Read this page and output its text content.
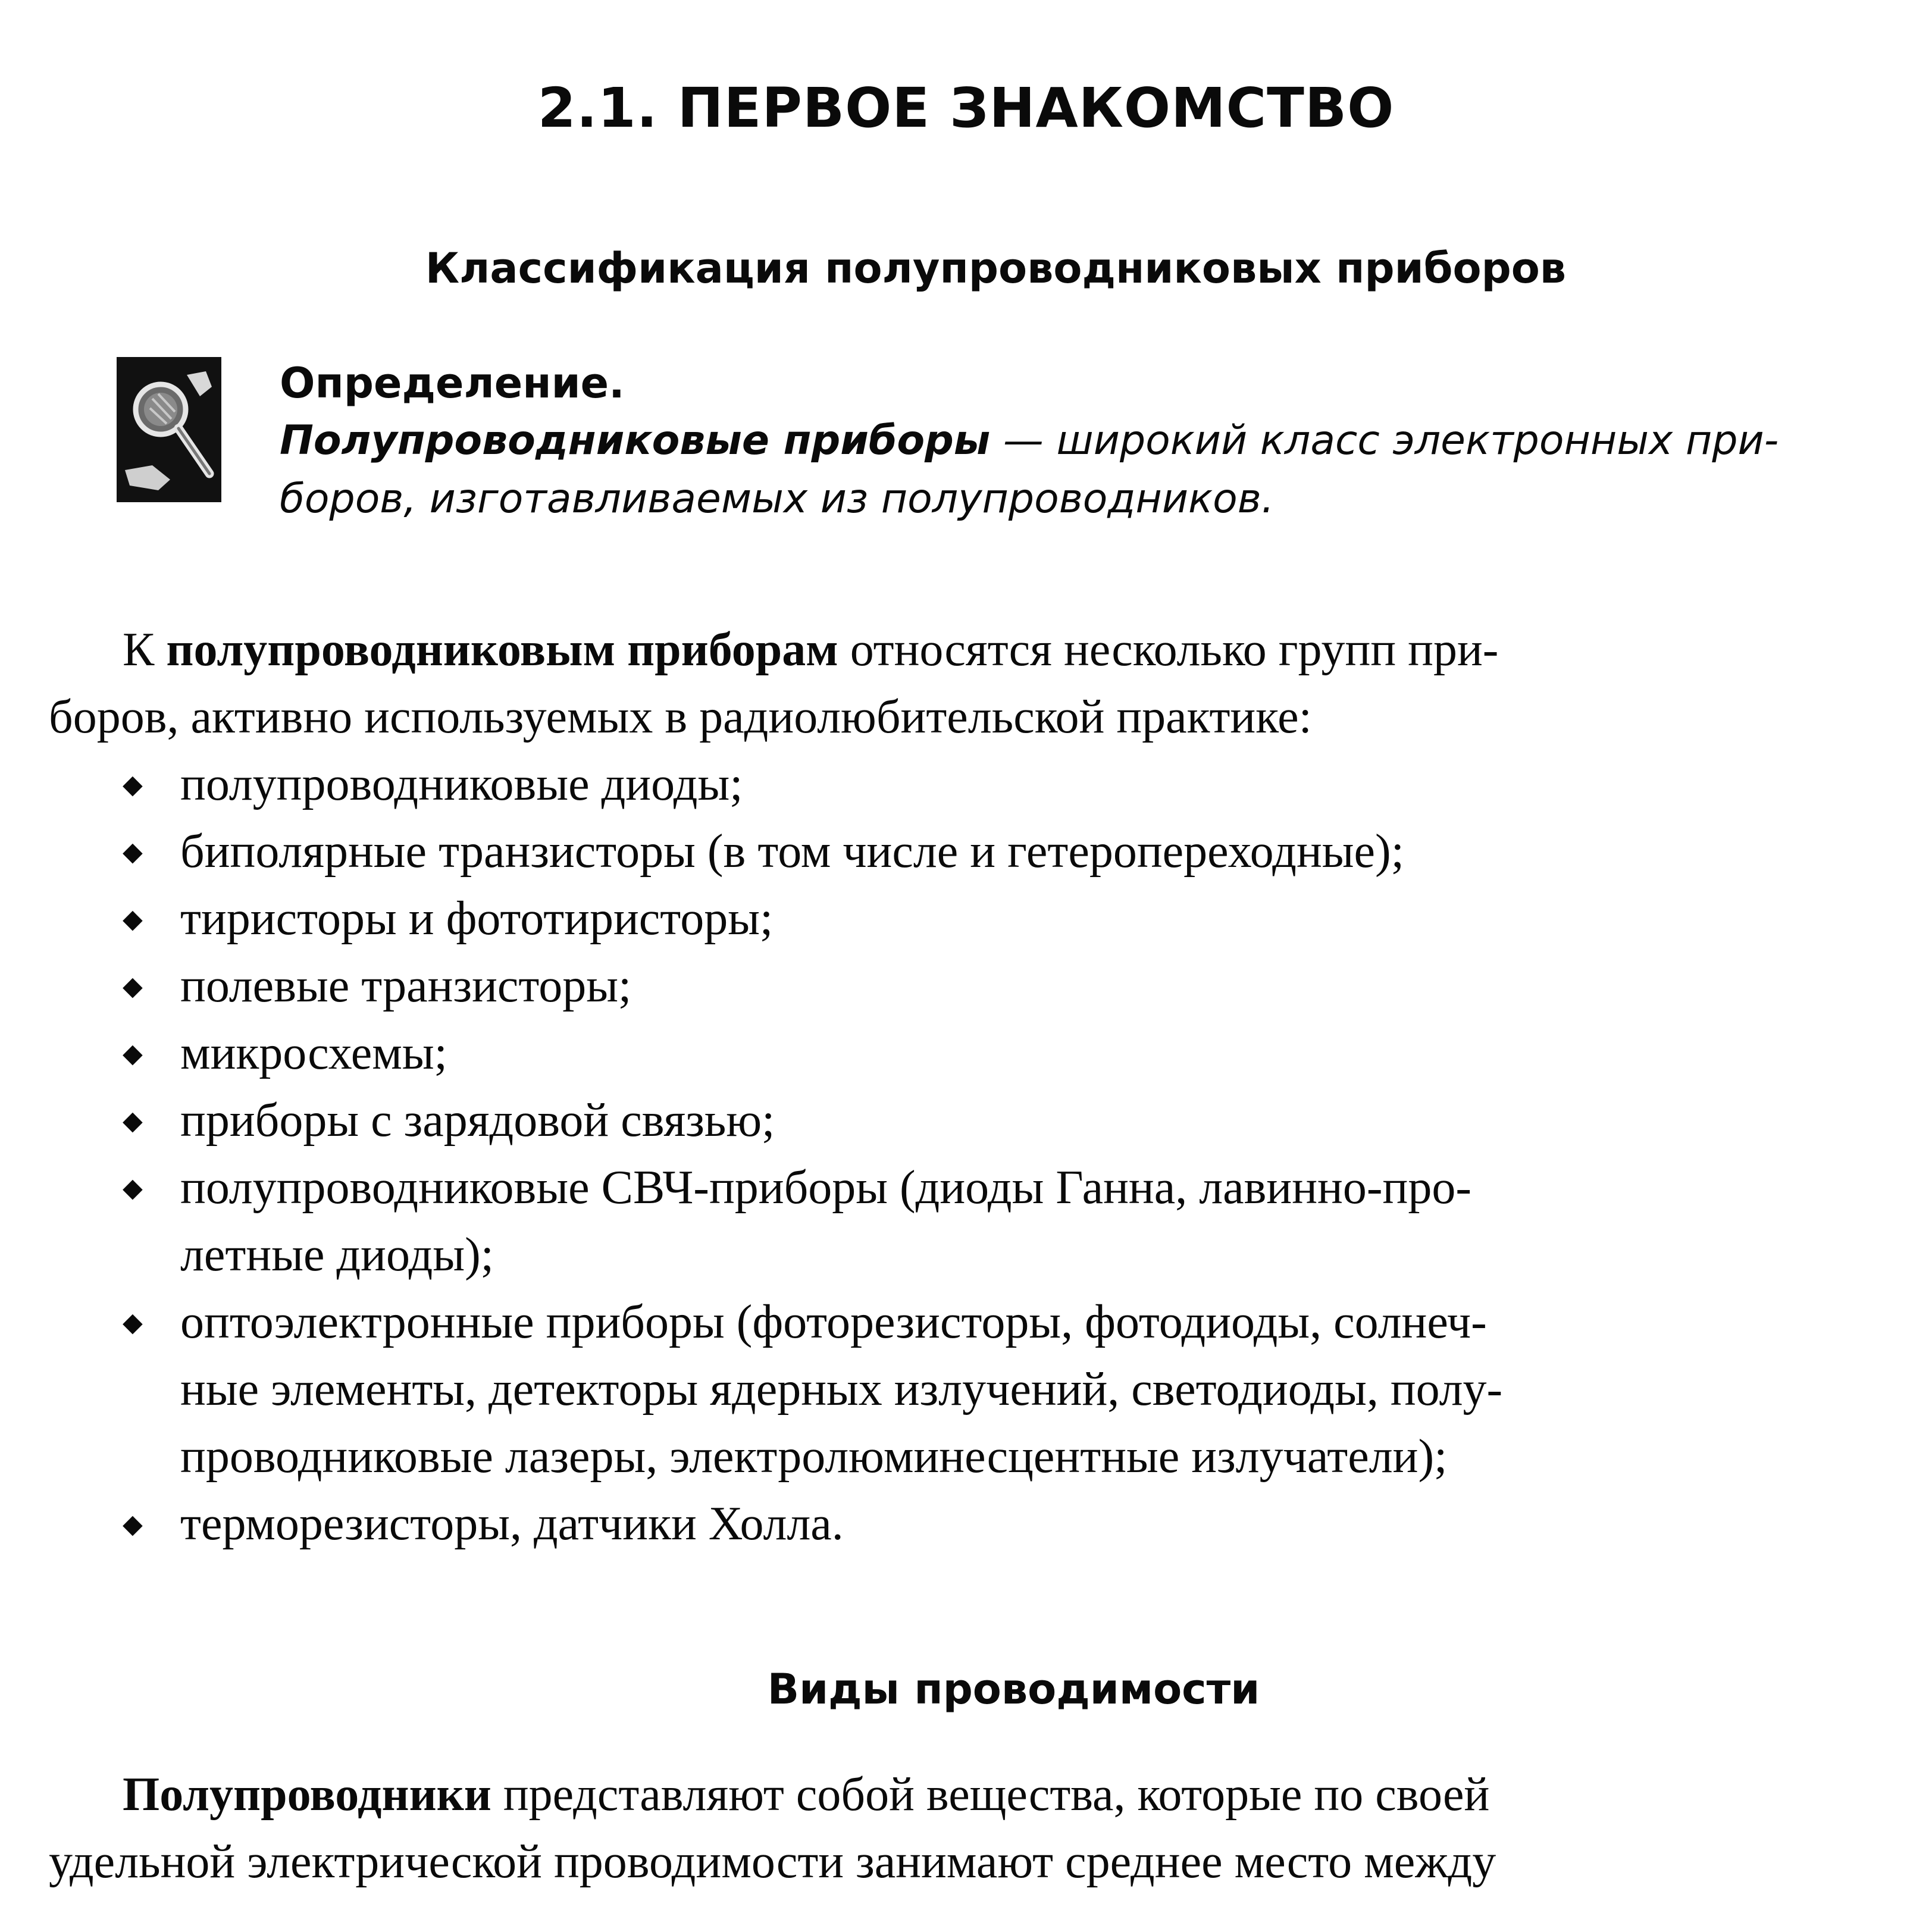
2.1. ПЕРВОЕ ЗНАКОМСТВО
Классификация полупроводниковых приборов
Определение.
Полупроводниковые приборы — широкий класс электронных при-
боров, изготавливаемых из полупроводников.
К полупроводниковым приборам относятся несколько групп при-
боров, активно используемых в радиолюбительской практике:
◆ полупроводниковые диоды;
◆ биполярные транзисторы (в том числе и гетеропереходные);
◆ тиристоры и фототиристоры;
◆ полевые транзисторы;
◆ микросхемы;
◆ приборы с зарядовой связью;
◆ полупроводниковые СВЧ-приборы (диоды Ганна, лавинно-про-
летные диоды);
◆ оптоэлектронные приборы (фоторезисторы, фотодиоды, солнеч-
ные элементы, детекторы ядерных излучений, светодиоды, полу-
проводниковые лазеры, электролюминесцентные излучатели);
◆ терморезисторы, датчики Холла.
Виды проводимости
Полупроводники представляют собой вещества, которые по своей
удельной электрической проводимости занимают среднее место между
